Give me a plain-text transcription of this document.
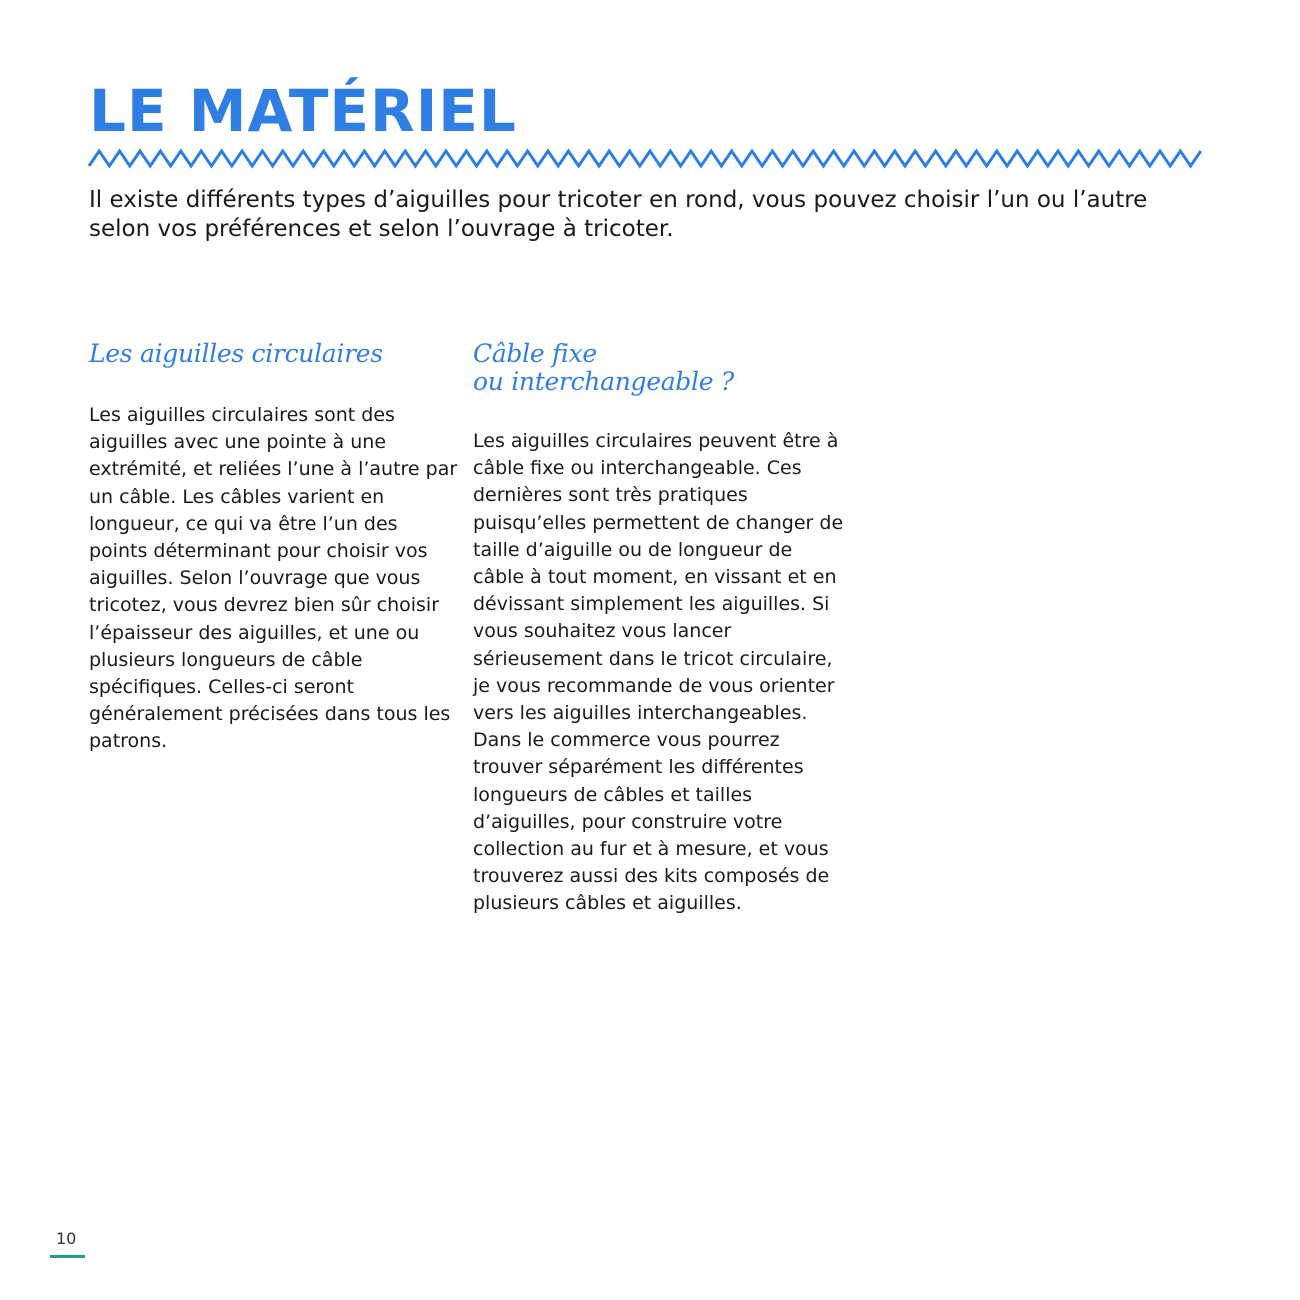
LE MATÉRIEL

Il existe différents types d’aiguilles pour tricoter en rond, vous pouvez choisir l’un ou l’autre selon vos préférences et selon l’ouvrage à tricoter.

Les aiguilles circulaires

Les aiguilles circulaires sont des aiguilles avec une pointe à une extrémité, et reliées l’une à l’autre par un câble. Les câbles varient en longueur, ce qui va être l’un des points déterminant pour choisir vos aiguilles. Selon l’ouvrage que vous tricotez, vous devrez bien sûr choisir l’épaisseur des aiguilles, et une ou plusieurs longueurs de câble spécifiques. Celles-ci seront généralement précisées dans tous les patrons.

Câble fixe
ou interchangeable ?

Les aiguilles circulaires peuvent être à câble fixe ou interchangeable. Ces dernières sont très pratiques puisqu’elles permettent de changer de taille d’aiguille ou de longueur de câble à tout moment, en vissant et en dévissant simplement les aiguilles. Si vous souhaitez vous lancer sérieusement dans le tricot circulaire, je vous recommande de vous orienter vers les aiguilles interchangeables. Dans le commerce vous pourrez trouver séparément les différentes longueurs de câbles et tailles d’aiguilles, pour construire votre collection au fur et à mesure, et vous trouverez aussi des kits composés de plusieurs câbles et aiguilles.

10
